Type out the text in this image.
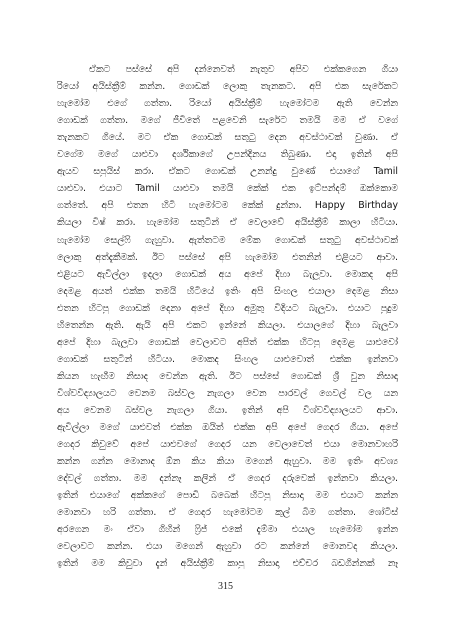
ඒකට පස්සේ අපි දන්නෙවත් නැතුව අපිව එක්කගෙන ගියා
රියෝ අයිස්ක්‍රීම් කන්න. ගොඩක් ලොකු තැනකට. අපි එක සැරේකට
හැමෝම එගේ ගත්තා. රියෝ අයිස්ක්‍රීම් හැමෝටම ඇති වෙන්න
ගොඩක් ගත්තා. මගේ ජීවිතේ පළවෙනි සැරේට තමයි මම ඒ වගේ
තැනකට ගියේ. මට ඒක ගොඩක් සතුටු දෙන අවස්ථාවක් වුණා. ඒ
වගේම මගේ යාළුවා දර්ශිකාගේ උපන්දිනය තිබුණා. එදා ඉතින් අපි
ඇයව සපුයිස් කරා. ඒකට ගොඩක් උනන්දු වුණේ එයාගේ Tamil
යාළුවා. එයාට Tamil යාළුවා තමයි කේක් එක ඉට්පන්දම් ඔක්කොම
ගත්තේ. අපි එතන හිටි හැමෝටම කේක් දුන්නා. Happy Birthday
කියලා විෂ් කරා. හැමෝම සතුටින් ඒ වෙලාවේ අයිස්ක්‍රීම් කාලා හිටියා.
හැමෝම සෙල්ෆි ගැහුවා. ඇත්තටම මේක ගොඩක් සතුටු අවස්ථාවක්
ලොකු අත්දැකීමක්. ඊට පස්සේ අපි හැමෝම එතනින් එළියට ආවා.
එළියට ඇවිල්ලා ඉදලා ගොඩක් අය අපේ දිහා බැලුවා. මොකද අපි
දෙමළ අයත් එක්ක තමයි හිටියේ ඉතිං අපි සිංහල එයාලා දෙමළ නිසා
එතන හිටපු ගොඩක් දෙනා අපේ දිහා අමුතු විදියට බැලුවා. එයාට පුදුම
හිතෙන්න ඇති. ඇයි අපි එකට ඉන්නේ කියලා. එයාලගේ දිහා බැලුවා
අපේ දිහා බැලුවා ගොඩක් වෙලාවට අපිත් එක්ක හිටපු දෙමළ යාළුවෝ
ගොඩක් සතුටින් හිටියා. මොකද සිංහල යාළුවොත් එක්ක ඉන්නවා
කියන හැඟීම නිසාද වෙන්න ඇති. ඊට පස්සේ ගොඩක් ශ්‍රී වුන නිසාදා
විශ්වවිද්‍යාලයට වෙනම බස්වල නැගලා වෙන පාරවල් ගෙවල් වල යන
අය වෙනම බස්වල නැගලා ගියා. ඉතින් අපි විශ්වවිද්‍යාලයට ආවා.
ඇවිල්ලා මගේ යාළුවත් එක්ක ඔයිත් එක්ක අපි අපේ ගෙදර ගියා. අපේ
ගෙදර කිවුවේ අපේ යාළුවගේ ගෙදර යන වෙලාවෙත් එයා මොනවාහරි
කන්න ගන්න මොනාද ඕන කිය කියා මගෙන් ඇහුවා. මම ඉතිං අවශ්‍ය
දේවල් ගත්තා. මම දන්නෑ කලින් ඒ ගෙදර දරුවෙක් ඉන්නවා කියලා.
ඉතින් එයාගේ අක්කගේ පොඩි බබෙක් හිටපු නිසාදා මම එයාට කන්න
මොනවා හරි ගත්තා. ඒ ගෙදර හැමෝටම කුල් බීම ගත්තා. ශෝටිස්
අරගෙන මං ඒවා ගිහින් ෆ්‍රිජ් එකේ දැම්මා එයාල හැමෝම ඉන්න
වෙලාවට කන්න. එයා මගෙන් ඇහුවා රට කන්නේ මොනවද කියලා.
ඉතින් මම කිවුවා දැන් අයිස්ක්‍රීම් කාපු නිසාදා එච්චර බඩගින්නක් නෑ
315
